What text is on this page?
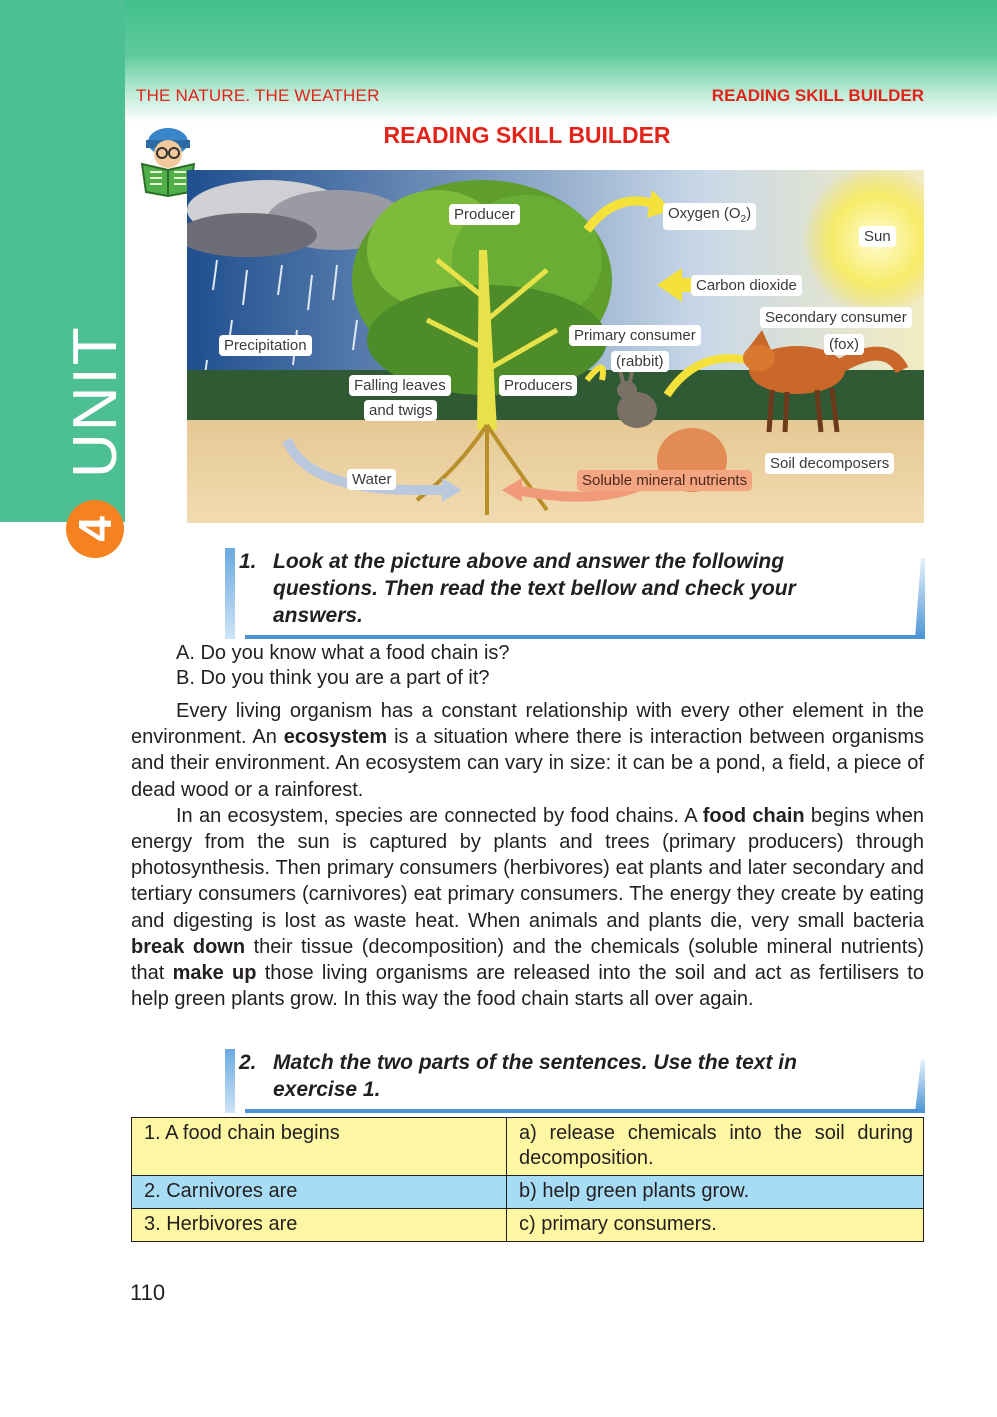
THE NATURE. THE WEATHER	READING SKILL BUILDER
READING SKILL BUILDER
UNIT
4
Producer	Oxygen $(O_2)$
Sun
Carbon dioxide
Secondary consumer
(fox)
Primary consumer
(rabbit)
Precipitation
Falling leaves
and twigs
Producers
Soil decomposers
Water	Soluble mineral nutrients
1. Look at the picture above and answer the following
questions. Then read the text bellow and check your
answers.
A. Do you know what a food chain is?
B. Do you think you are a part of it?

Every living organism has a constant relationship with every other element in the environment. An ecosystem is a situation where there is interaction between organisms and their environment. An ecosystem can vary in size: it can be a pond, a field, a piece of dead wood or a rainforest.

In an ecosystem, species are connected by food chains. A food chain begins when energy from the sun is captured by plants and trees (primary producers) through photosynthesis. Then primary consumers (herbivores) eat plants and later secondary and tertiary consumers (carnivores) eat primary consumers. The energy they create by eating and digesting is lost as waste heat. When animals and plants die, very small bacteria break down their tissue (decomposition) and the chemicals (soluble mineral nutrients) that make up those living organisms are released into the soil and act as fertilisers to help green plants grow. In this way the food chain starts all over again.

2. Match the two parts of the sentences. Use the text in
exercise 1.
1. A food chain begins	a) release chemicals into the soil during decomposition.
2. Carnivores are	b) help green plants grow.
3. Herbivores are	c) primary consumers.
110
